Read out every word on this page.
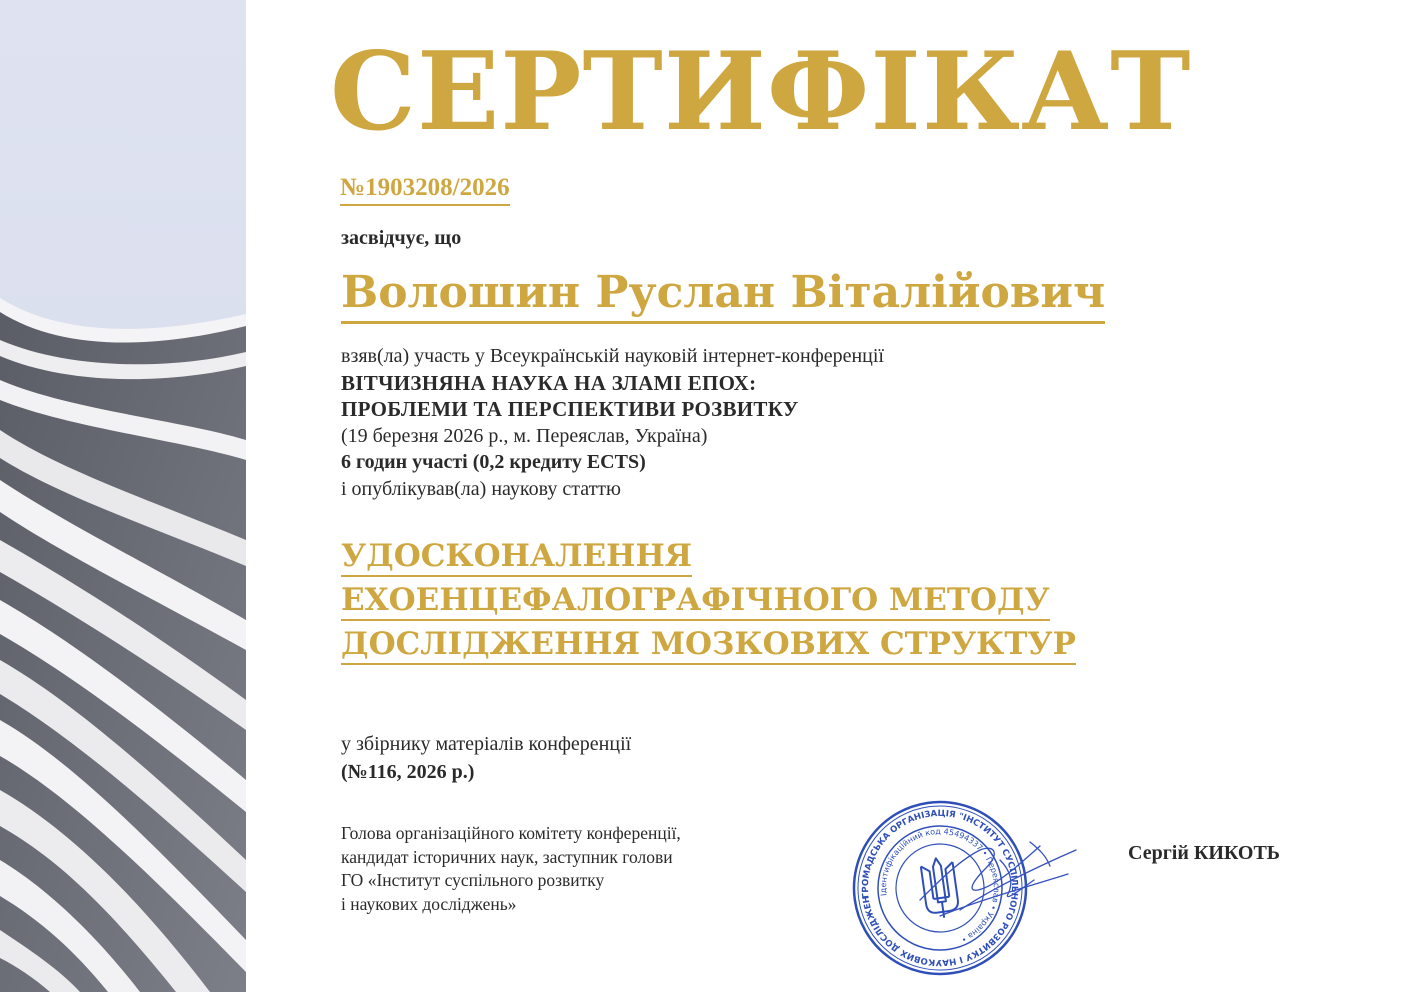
СЕРТИФІКАТ
№1903208/2026
засвідчує, що
Волошин Руслан Віталійович
взяв(ла) участь у Всеукраїнській науковій інтернет-конференції
ВІТЧИЗНЯНА НАУКА НА ЗЛАМІ ЕПОХ:
ПРОБЛЕМИ ТА ПЕРСПЕКТИВИ РОЗВИТКУ
(19 березня 2026 р., м. Переяслав, Україна)
6 годин участі (0,2 кредиту ECTS)
і опублікував(ла) наукову статтю
УДОСКОНАЛЕННЯ
ЕХОЕНЦЕФАЛОГРАФІЧНОГО МЕТОДУ
ДОСЛІДЖЕННЯ МОЗКОВИХ СТРУКТУР
у збірнику матеріалів конференції
(№116, 2026 р.)
Голова організаційного комітету конференції,
кандидат історичних наук, заступник голови
ГО «Інститут суспільного розвитку
і наукових досліджень»	ГРОМАДСЬКА ОРГАНІЗАЦІЯ "ІНСТИТУТ СУСПІЛЬНОГО РОЗВИТКУ І НАУКОВИХ ДОСЛІДЖЕНЬ"
Ідентифікаційний код 45494337 • Переяслав • Україна •
Сергій КИКОТЬ
